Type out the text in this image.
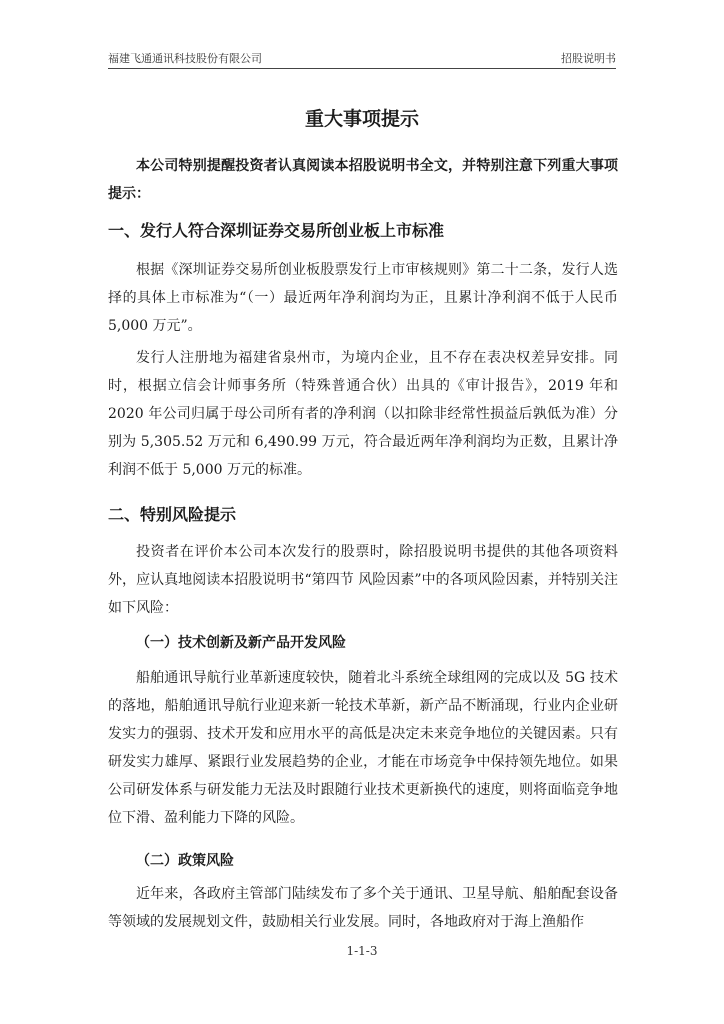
福建飞通通讯科技股份有限公司	招股说明书
重大事项提示
本公司特别提醒投资者认真阅读本招股说明书全文，并特别注意下列重大事项提示：
一、发行人符合深圳证券交易所创业板上市标准
根据《深圳证券交易所创业板股票发行上市审核规则》第二十二条，发行人选择的具体上市标准为“（一）最近两年净利润均为正，且累计净利润不低于人民币 5,000 万元”。
发行人注册地为福建省泉州市，为境内企业，且不存在表决权差异安排。同时，根据立信会计师事务所（特殊普通合伙）出具的《审计报告》，2019 年和 2020 年公司归属于母公司所有者的净利润（以扣除非经常性损益后孰低为准）分别为 5,305.52 万元和 6,490.99 万元，符合最近两年净利润均为正数，且累计净利润不低于 5,000 万元的标准。
二、特别风险提示
投资者在评价本公司本次发行的股票时，除招股说明书提供的其他各项资料外，应认真地阅读本招股说明书“第四节 风险因素”中的各项风险因素，并特别关注如下风险：
（一）技术创新及新产品开发风险
船舶通讯导航行业革新速度较快，随着北斗系统全球组网的完成以及 5G 技术的落地，船舶通讯导航行业迎来新一轮技术革新，新产品不断涌现，行业内企业研发实力的强弱、技术开发和应用水平的高低是决定未来竞争地位的关键因素。只有研发实力雄厚、紧跟行业发展趋势的企业，才能在市场竞争中保持领先地位。如果公司研发体系与研发能力无法及时跟随行业技术更新换代的速度，则将面临竞争地位下滑、盈利能力下降的风险。
（二）政策风险
近年来，各政府主管部门陆续发布了多个关于通讯、卫星导航、船舶配套设备等领域的发展规划文件，鼓励相关行业发展。同时，各地政府对于海上渔船作
1-1-3
